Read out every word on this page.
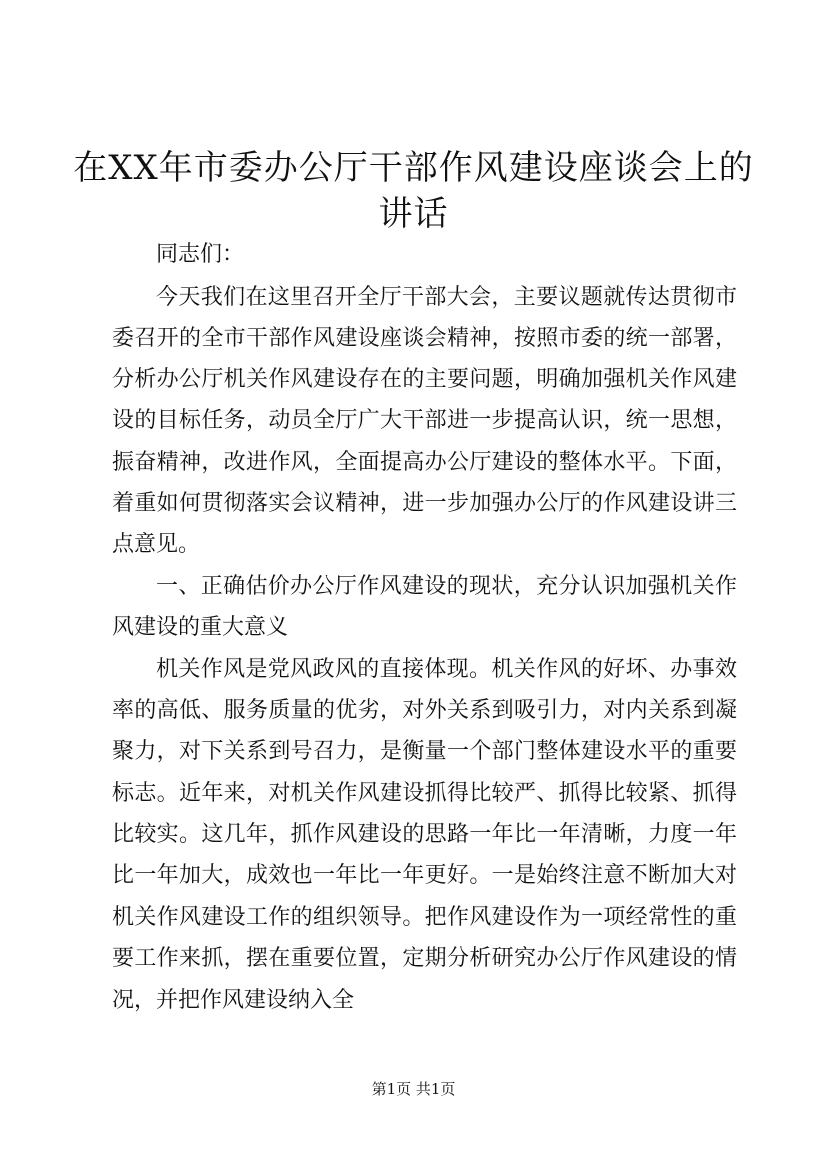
在XX年市委办公厅干部作风建设座谈会上的
讲话
同志们：
今天我们在这里召开全厅干部大会，主要议题就传达贯彻市
委召开的全市干部作风建设座谈会精神，按照市委的统一部署，
分析办公厅机关作风建设存在的主要问题，明确加强机关作风建
设的目标任务，动员全厅广大干部进一步提高认识，统一思想，
振奋精神，改进作风，全面提高办公厅建设的整体水平。下面，
着重如何贯彻落实会议精神，进一步加强办公厅的作风建设讲三
点意见。
一、正确估价办公厅作风建设的现状，充分认识加强机关作
风建设的重大意义
机关作风是党风政风的直接体现。机关作风的好坏、办事效
率的高低、服务质量的优劣，对外关系到吸引力，对内关系到凝
聚力，对下关系到号召力，是衡量一个部门整体建设水平的重要
标志。近年来，对机关作风建设抓得比较严、抓得比较紧、抓得
比较实。这几年，抓作风建设的思路一年比一年清晰，力度一年
比一年加大，成效也一年比一年更好。一是始终注意不断加大对
机关作风建设工作的组织领导。把作风建设作为一项经常性的重
要工作来抓，摆在重要位置，定期分析研究办公厅作风建设的情
况，并把作风建设纳入全
第1页 共1页
